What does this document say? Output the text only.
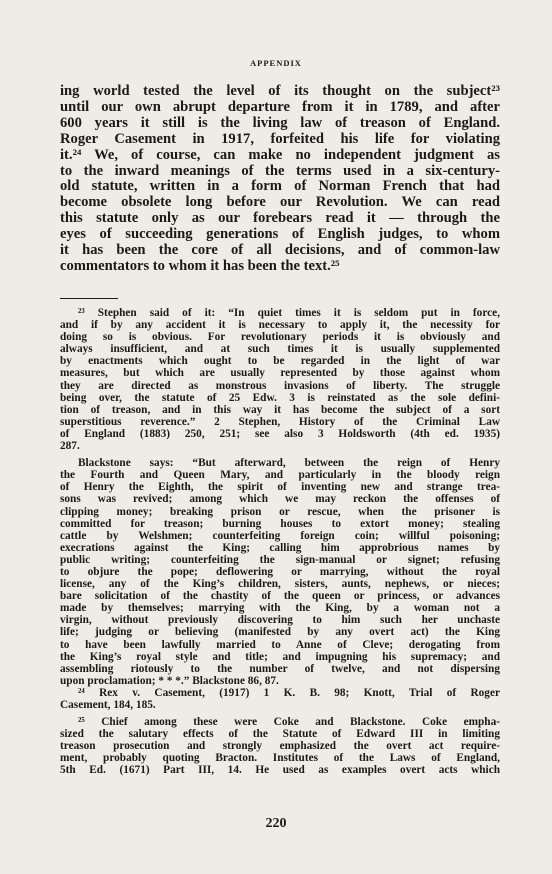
APPENDIX
ing world tested the level of its thought on the subject²³
until our own abrupt departure from it in 1789, and after
600 years it still is the living law of treason of England.
Roger Casement in 1917, forfeited his life for violating
it.²⁴ We, of course, can make no independent judgment as
to the inward meanings of the terms used in a six-century-
old statute, written in a form of Norman French that had
become obsolete long before our Revolution. We can read
this statute only as our forebears read it — through the
eyes of succeeding generations of English judges, to whom
it has been the core of all decisions, and of common-law
commentators to whom it has been the text.²⁵
²³ Stephen said of it: “In quiet times it is seldom put in force,
and if by any accident it is necessary to apply it, the necessity for
doing so is obvious. For revolutionary periods it is obviously and
always insufficient, and at such times it is usually supplemented
by enactments which ought to be regarded in the light of war
measures, but which are usually represented by those against whom
they are directed as monstrous invasions of liberty. The struggle
being over, the statute of 25 Edw. 3 is reinstated as the sole defini-
tion of treason, and in this way it has become the subject of a sort
superstitious reverence.” 2 Stephen, History of the Criminal Law
of England (1883) 250, 251; see also 3 Holdsworth (4th ed. 1935)
287.
Blackstone says: “But afterward, between the reign of Henry
the Fourth and Queen Mary, and particularly in the bloody reign
of Henry the Eighth, the spirit of inventing new and strange trea-
sons was revived; among which we may reckon the offenses of
clipping money; breaking prison or rescue, when the prisoner is
committed for treason; burning houses to extort money; stealing
cattle by Welshmen; counterfeiting foreign coin; willful poisoning;
execrations against the King; calling him approbrious names by
public writing; counterfeiting the sign-manual or signet; refusing
to objure the pope; deflowering or marrying, without the royal
license, any of the King’s children, sisters, aunts, nephews, or nieces;
bare solicitation of the chastity of the queen or princess, or advances
made by themselves; marrying with the King, by a woman not a
virgin, without previously discovering to him such her unchaste
life; judging or believing (manifested by any overt act) the King
to have been lawfully married to Anne of Cleve; derogating from
the King’s royal style and title; and impugning his supremacy; and
assembling riotously to the number of twelve, and not dispersing
upon proclamation; * * *.” Blackstone 86, 87.
²⁴ Rex v. Casement, (1917) 1 K. B. 98; Knott, Trial of Roger
Casement, 184, 185.
²⁵ Chief among these were Coke and Blackstone. Coke empha-
sized the salutary effects of the Statute of Edward III in limiting
treason prosecution and strongly emphasized the overt act require-
ment, probably quoting Bracton. Institutes of the Laws of England,
5th Ed. (1671) Part III, 14. He used as examples overt acts which
220
